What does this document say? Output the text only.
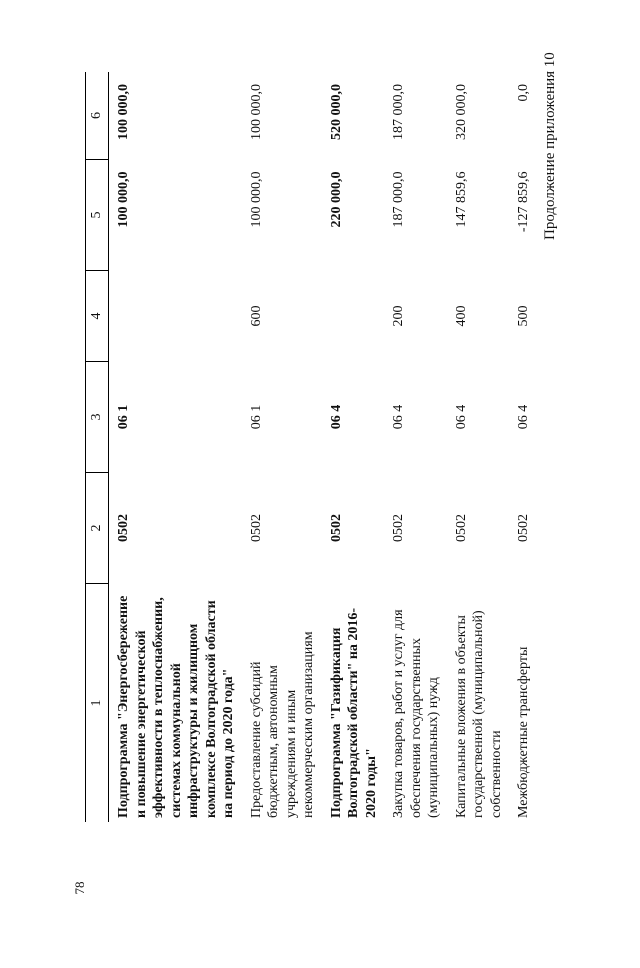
78
Продолжение приложения 10
1	2	3	4	5	6
Подпрограмма "Энергосбережение и повышение энергетической эффективности в теплоснабжении, системах коммунальной инфраструктуры и жилищном комплексе Волгоградской области на период до 2020 года"	0502	06 1		100 000,0	100 000,0
Предоставление субсидий бюджетным, автономным учреждениям и иным некоммерческим организациям	0502	06 1	600	100 000,0	100 000,0
Подпрограмма "Газификация Волгоградской области" на 2016-2020 годы"	0502	06 4		220 000,0	520 000,0
Закупка товаров, работ и услуг для обеспечения государственных (муниципальных) нужд	0502	06 4	200	187 000,0	187 000,0
Капитальные вложения в объекты государственной (муниципальной) собственности	0502	06 4	400	147 859,6	320 000,0
Межбюджетные трансферты	0502	06 4	500	-127 859,6	0,0
